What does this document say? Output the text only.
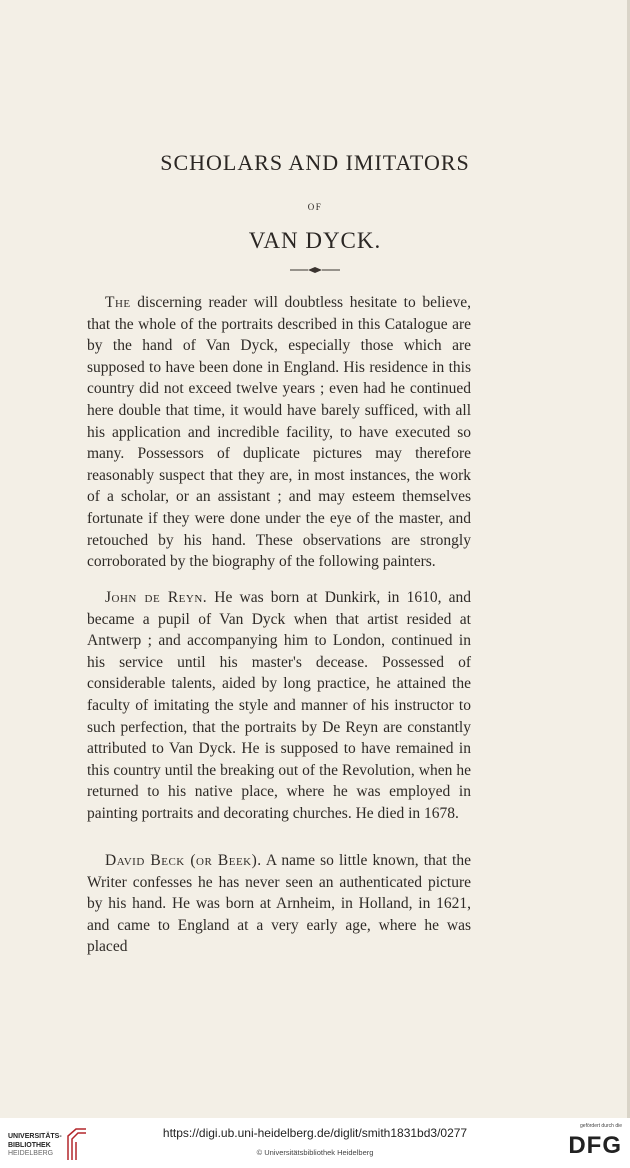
SCHOLARS AND IMITATORS
OF
VAN DYCK.
The discerning reader will doubtless hesitate to believe, that the whole of the portraits described in this Catalogue are by the hand of Van Dyck, especially those which are supposed to have been done in England. His residence in this country did not exceed twelve years ; even had he continued here double that time, it would have barely sufficed, with all his application and incredible facility, to have executed so many. Possessors of duplicate pictures may therefore reasonably suspect that they are, in most instances, the work of a scholar, or an assistant ; and may esteem themselves fortunate if they were done under the eye of the master, and retouched by his hand. These observations are strongly corroborated by the biography of the following painters.
John de Reyn. He was born at Dunkirk, in 1610, and became a pupil of Van Dyck when that artist resided at Antwerp ; and accompanying him to London, continued in his service until his master's decease. Possessed of considerable talents, aided by long practice, he attained the faculty of imitating the style and manner of his instructor to such perfection, that the portraits by De Reyn are constantly attributed to Van Dyck. He is supposed to have remained in this country until the breaking out of the Revolution, when he returned to his native place, where he was employed in painting portraits and decorating churches. He died in 1678.
David Beck (or Beek). A name so little known, that the Writer confesses he has never seen an authenticated picture by his hand. He was born at Arnheim, in Holland, in 1621, and came to England at a very early age, where he was placed
UNIVERSITÄTS-
BIBLIOTHEK
HEIDELBERG
https://digi.ub.uni-heidelberg.de/diglit/smith1831bd3/0277
© Universitätsbibliothek Heidelberg
gefördert durch die
DFG
